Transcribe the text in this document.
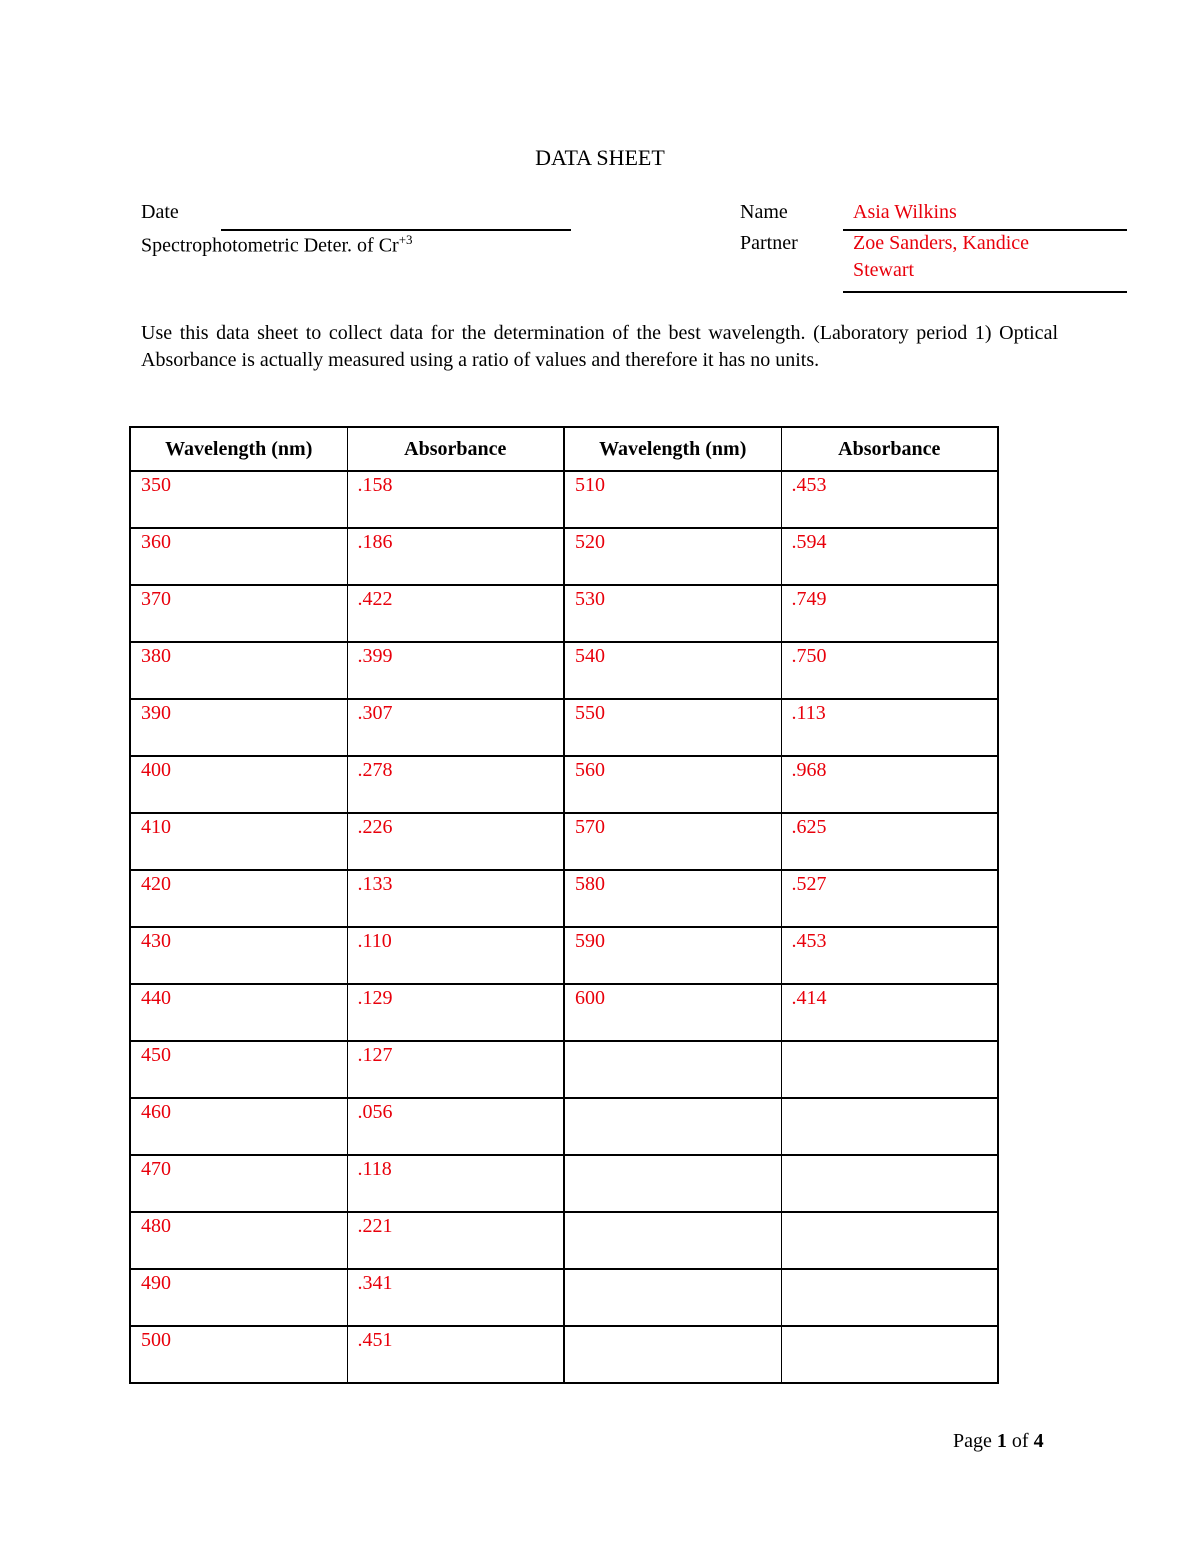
DATA SHEET
Date
Spectrophotometric Deter. of $Cr^{+3}$
Name	Asia Wilkins
Partner	Zoe Sanders, Kandice
Stewart
Use this data sheet to collect data for the determination of the best wavelength. (Laboratory period 1) Optical Absorbance is actually measured using a ratio of values and therefore it has no units.
Wavelength (nm)	Absorbance	Wavelength (nm)	Absorbance

350	.158	510	.453

360	.186	520	.594

370	.422	530	.749

380	.399	540	.750

390	.307	550	.113

400	.278	560	.968

410	.226	570	.625

420	.133	580	.527

430	.110	590	.453

440	.129	600	.414

450	.127		

460	.056		

470	.118		

480	.221		

490	.341		

500	.451		

Page 1 of 4
